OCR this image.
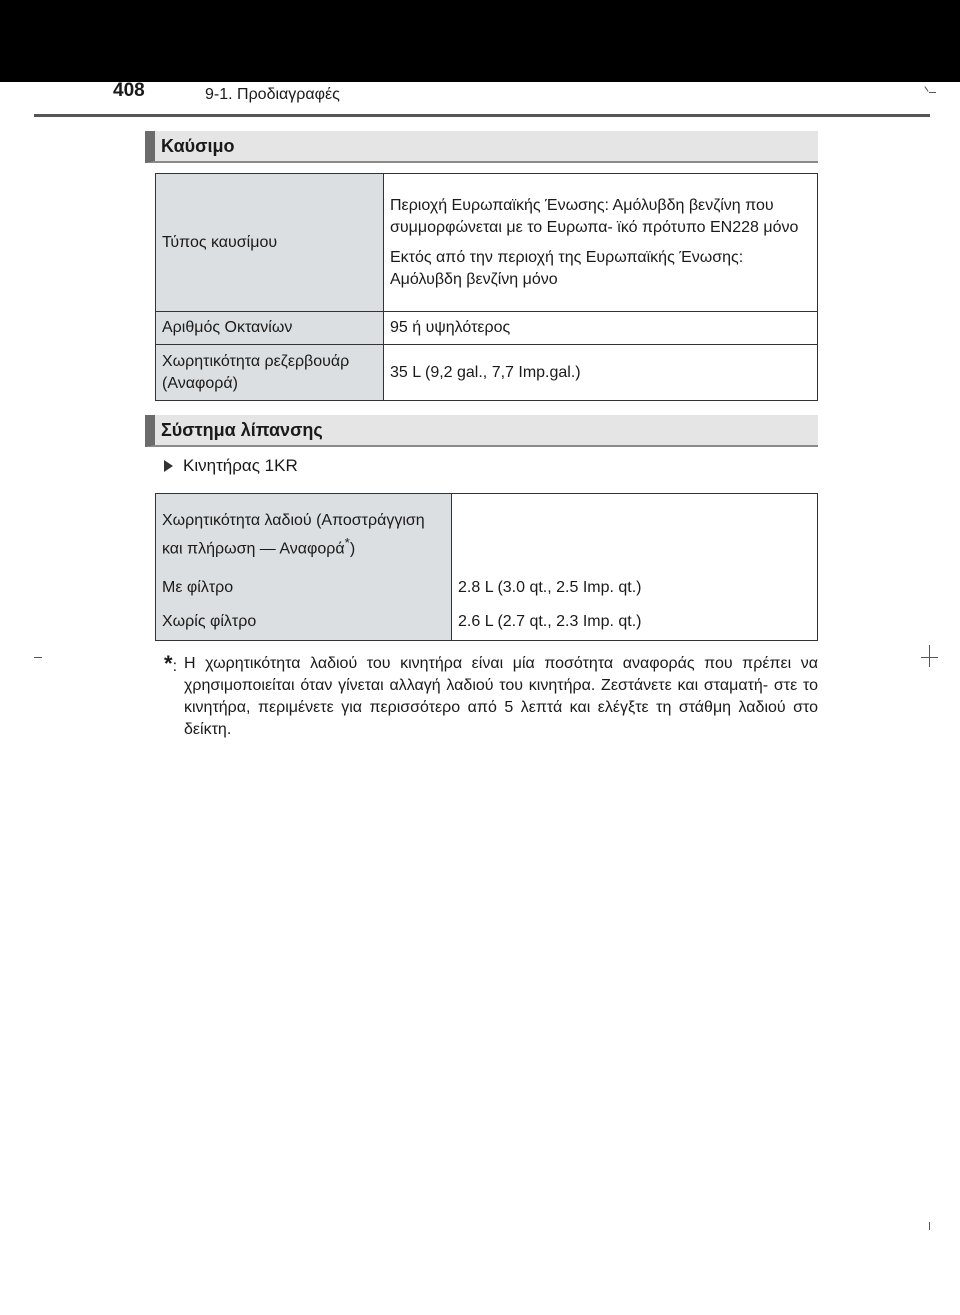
408	9-1. Προδιαγραφές
Καύσιμο
Τύπος καυσίμου	Περιοχή Ευρωπαϊκής Ένωσης: Αμόλυβδη βενζίνη που συμμορφώνεται με το Ευρωπα- ϊκό πρότυπο EN228 μόνο
Εκτός από την περιοχή της Ευρωπαϊκής Ένωσης: Αμόλυβδη βενζίνη μόνο

Αριθμός Οκτανίων	95 ή υψηλότερος
Χωρητικότητα ρεζερβουάρ (Αναφορά)	35 L (9,2 gal., 7,7 Imp.gal.)
Σύστημα λίπανσης
Κινητήρας 1KR
Χωρητικότητα λαδιού (Αποστράγγιση και πλήρωση — Αναφορά*)	
Με φίλτρο	2.8 L (3.0 qt., 2.5 Imp. qt.)
Χωρίς φίλτρο	2.6 L (2.7 qt., 2.3 Imp. qt.)
*: Η χωρητικότητα λαδιού του κινητήρα είναι μία ποσότητα αναφοράς που πρέπει να χρησιμοποιείται όταν γίνεται αλλαγή λαδιού του κινητήρα. Ζεστάνετε και σταματή- στε το κινητήρα, περιμένετε για περισσότερο από 5 λεπτά και ελέγξτε τη στάθμη λαδιού στο δείκτη.
